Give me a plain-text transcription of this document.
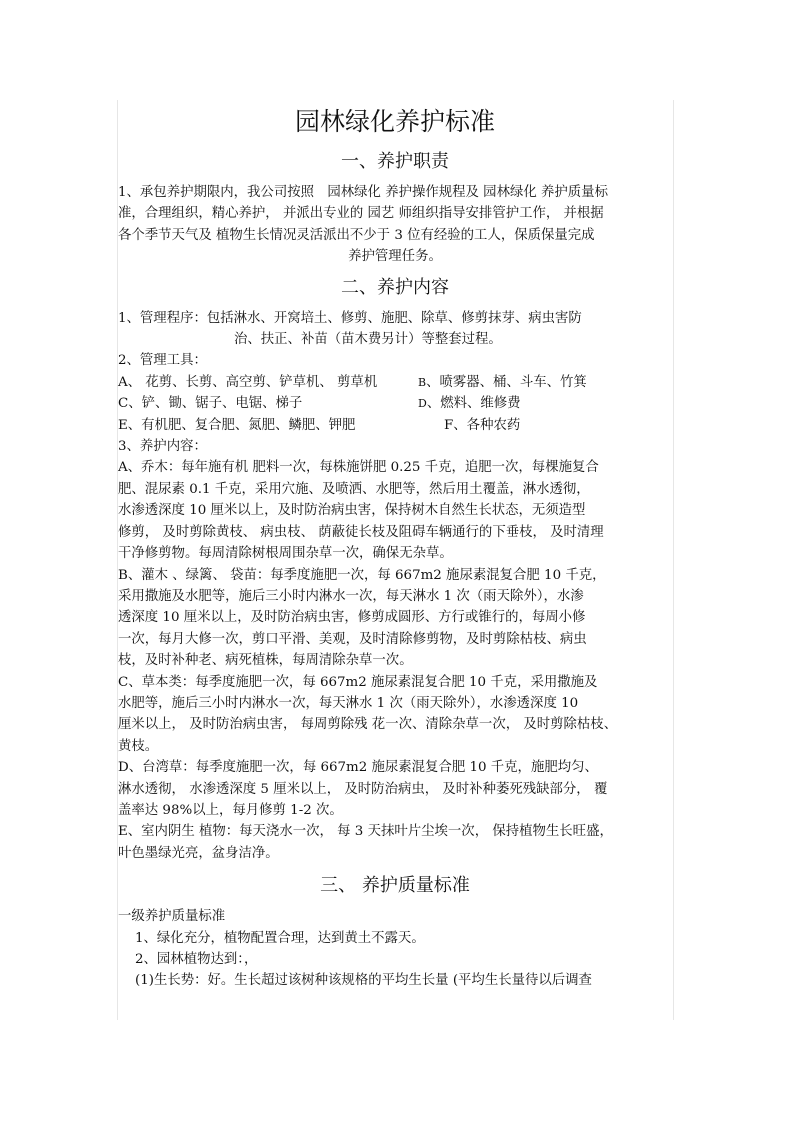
园林绿化养护标准
一、养护职责

1、承包养护期限内，我公司按照　园林绿化 养护操作规程及 园林绿化 养护质量标

准，合理组织，精心养护， 并派出专业的 园艺 师组织指导安排管护工作， 并根据

各个季节天气及 植物生长情况灵活派出不少于 3 位有经验的工人，保质保量完成

养护管理任务。

二、养护内容

1、管理程序：包括淋水、开窝培土、修剪、施肥、除草、修剪抹芽、病虫害防

治、扶正、补苗（苗木费另计）等整套过程。

2、管理工具：

A、 花剪、长剪、高空剪、铲草机、 剪草机	B、喷雾器、桶、斗车、竹箕
C、铲、锄、锯子、电锯、梯子	D、燃料、维修费
E、有机肥、复合肥、氮肥、鳞肥、钾肥	F、各种农药

3、养护内容：

A、乔木：每年施有机 肥料一次，每株施饼肥 0.25 千克，追肥一次，每棵施复合

肥、混尿素 0.1 千克，采用穴施、及喷洒、水肥等，然后用土覆盖，淋水透彻，

水渗透深度 10 厘米以上，及时防治病虫害，保持树木自然生长状态，无须造型

修剪， 及时剪除黄枝、 病虫枝、 荫蔽徒长枝及阻碍车辆通行的下垂枝， 及时清理

干净修剪物。每周清除树根周围杂草一次，确保无杂草。

B、灌木 、绿篱、 袋苗：每季度施肥一次，每 667m2 施尿素混复合肥 10 千克，

采用撒施及水肥等，施后三小时内淋水一次，每天淋水 1 次（雨天除外），水渗

透深度 10 厘米以上，及时防治病虫害，修剪成圆形、方行或锥行的，每周小修

一次，每月大修一次，剪口平滑、美观，及时清除修剪物，及时剪除枯枝、病虫

枝，及时补种老、病死植株，每周清除杂草一次。

C、草本类：每季度施肥一次，每 667m2 施尿素混复合肥 10 千克，采用撒施及

水肥等，施后三小时内淋水一次，每天淋水 1 次（雨天除外），水渗透深度 10

厘米以上， 及时防治病虫害， 每周剪除残 花一次、清除杂草一次， 及时剪除枯枝、

黄枝。

D、台湾草：每季度施肥一次，每 667m2 施尿素混复合肥 10 千克，施肥均匀、

淋水透彻， 水渗透深度 5 厘米以上， 及时防治病虫， 及时补种萎死残缺部分， 覆

盖率达 98%以上，每月修剪 1-2 次。

E、室内阴生 植物：每天浇水一次， 每 3 天抹叶片尘埃一次， 保持植物生长旺盛，

叶色墨绿光亮，盆身洁净。

三、 养护质量标准

一级养护质量标准

1、绿化充分，植物配置合理，达到黄土不露天。

2、园林植物达到：，

(1)生长势：好。生长超过该树种该规格的平均生长量 (平均生长量待以后调查
